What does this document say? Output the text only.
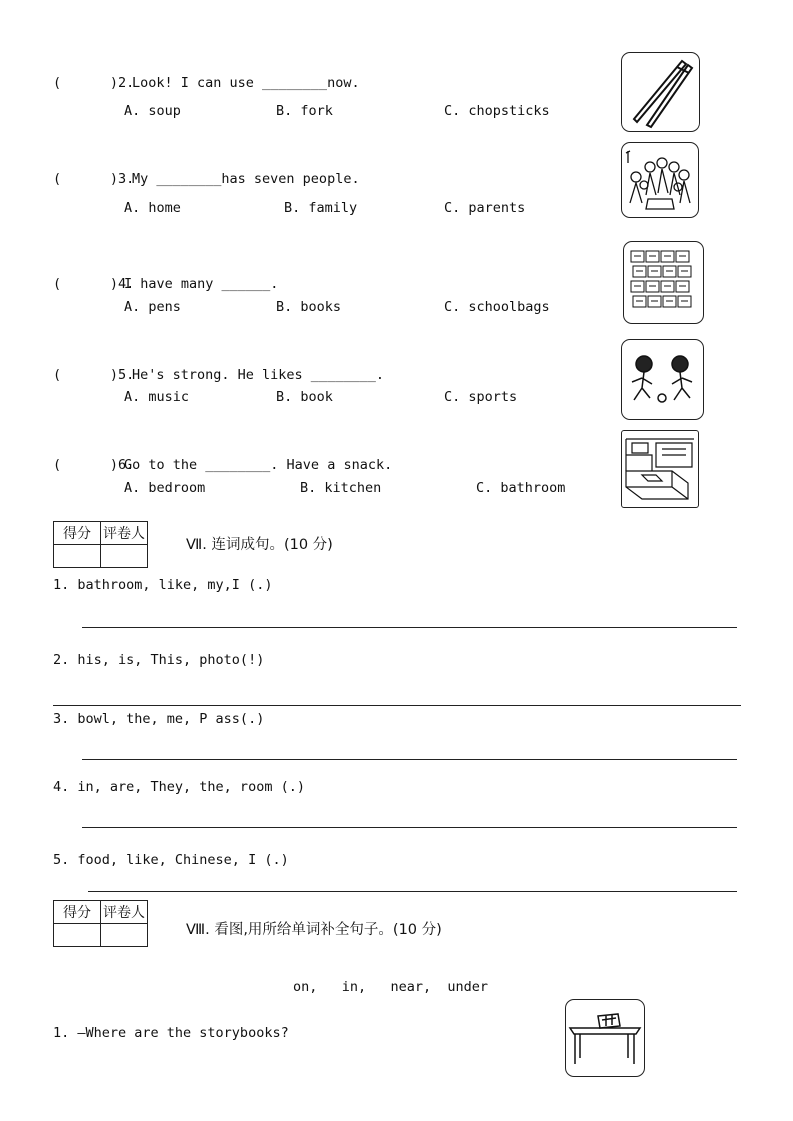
(      )2.
Look! I can use ________now.
A. soup	B. fork	C. chopsticks
(      )3.
My ________has seven people.
A. home	B. family	C. parents
(      )4.
I have many ______.
A. pens	B. books	C. schoolbags
(      )5.
He's strong. He likes ________.
A. music	B. book	C. sports
(      )6.
Go to the ________. Have a snack.
A. bedroom	B. kitchen	C. bathroom
得分	评卷人

Ⅶ. 连词成句。(10 分)
1. bathroom, like, my,I (.)
2. his, is, This, photo(!)
3. bowl, the, me, P ass(.)
4. in, are, They, the, room (.)
5. food, like, Chinese, I (.)
得分	评卷人

Ⅷ. 看图,用所给单词补全句子。(10 分)
on,   in,   near,  under
1. —Where are the storybooks?
